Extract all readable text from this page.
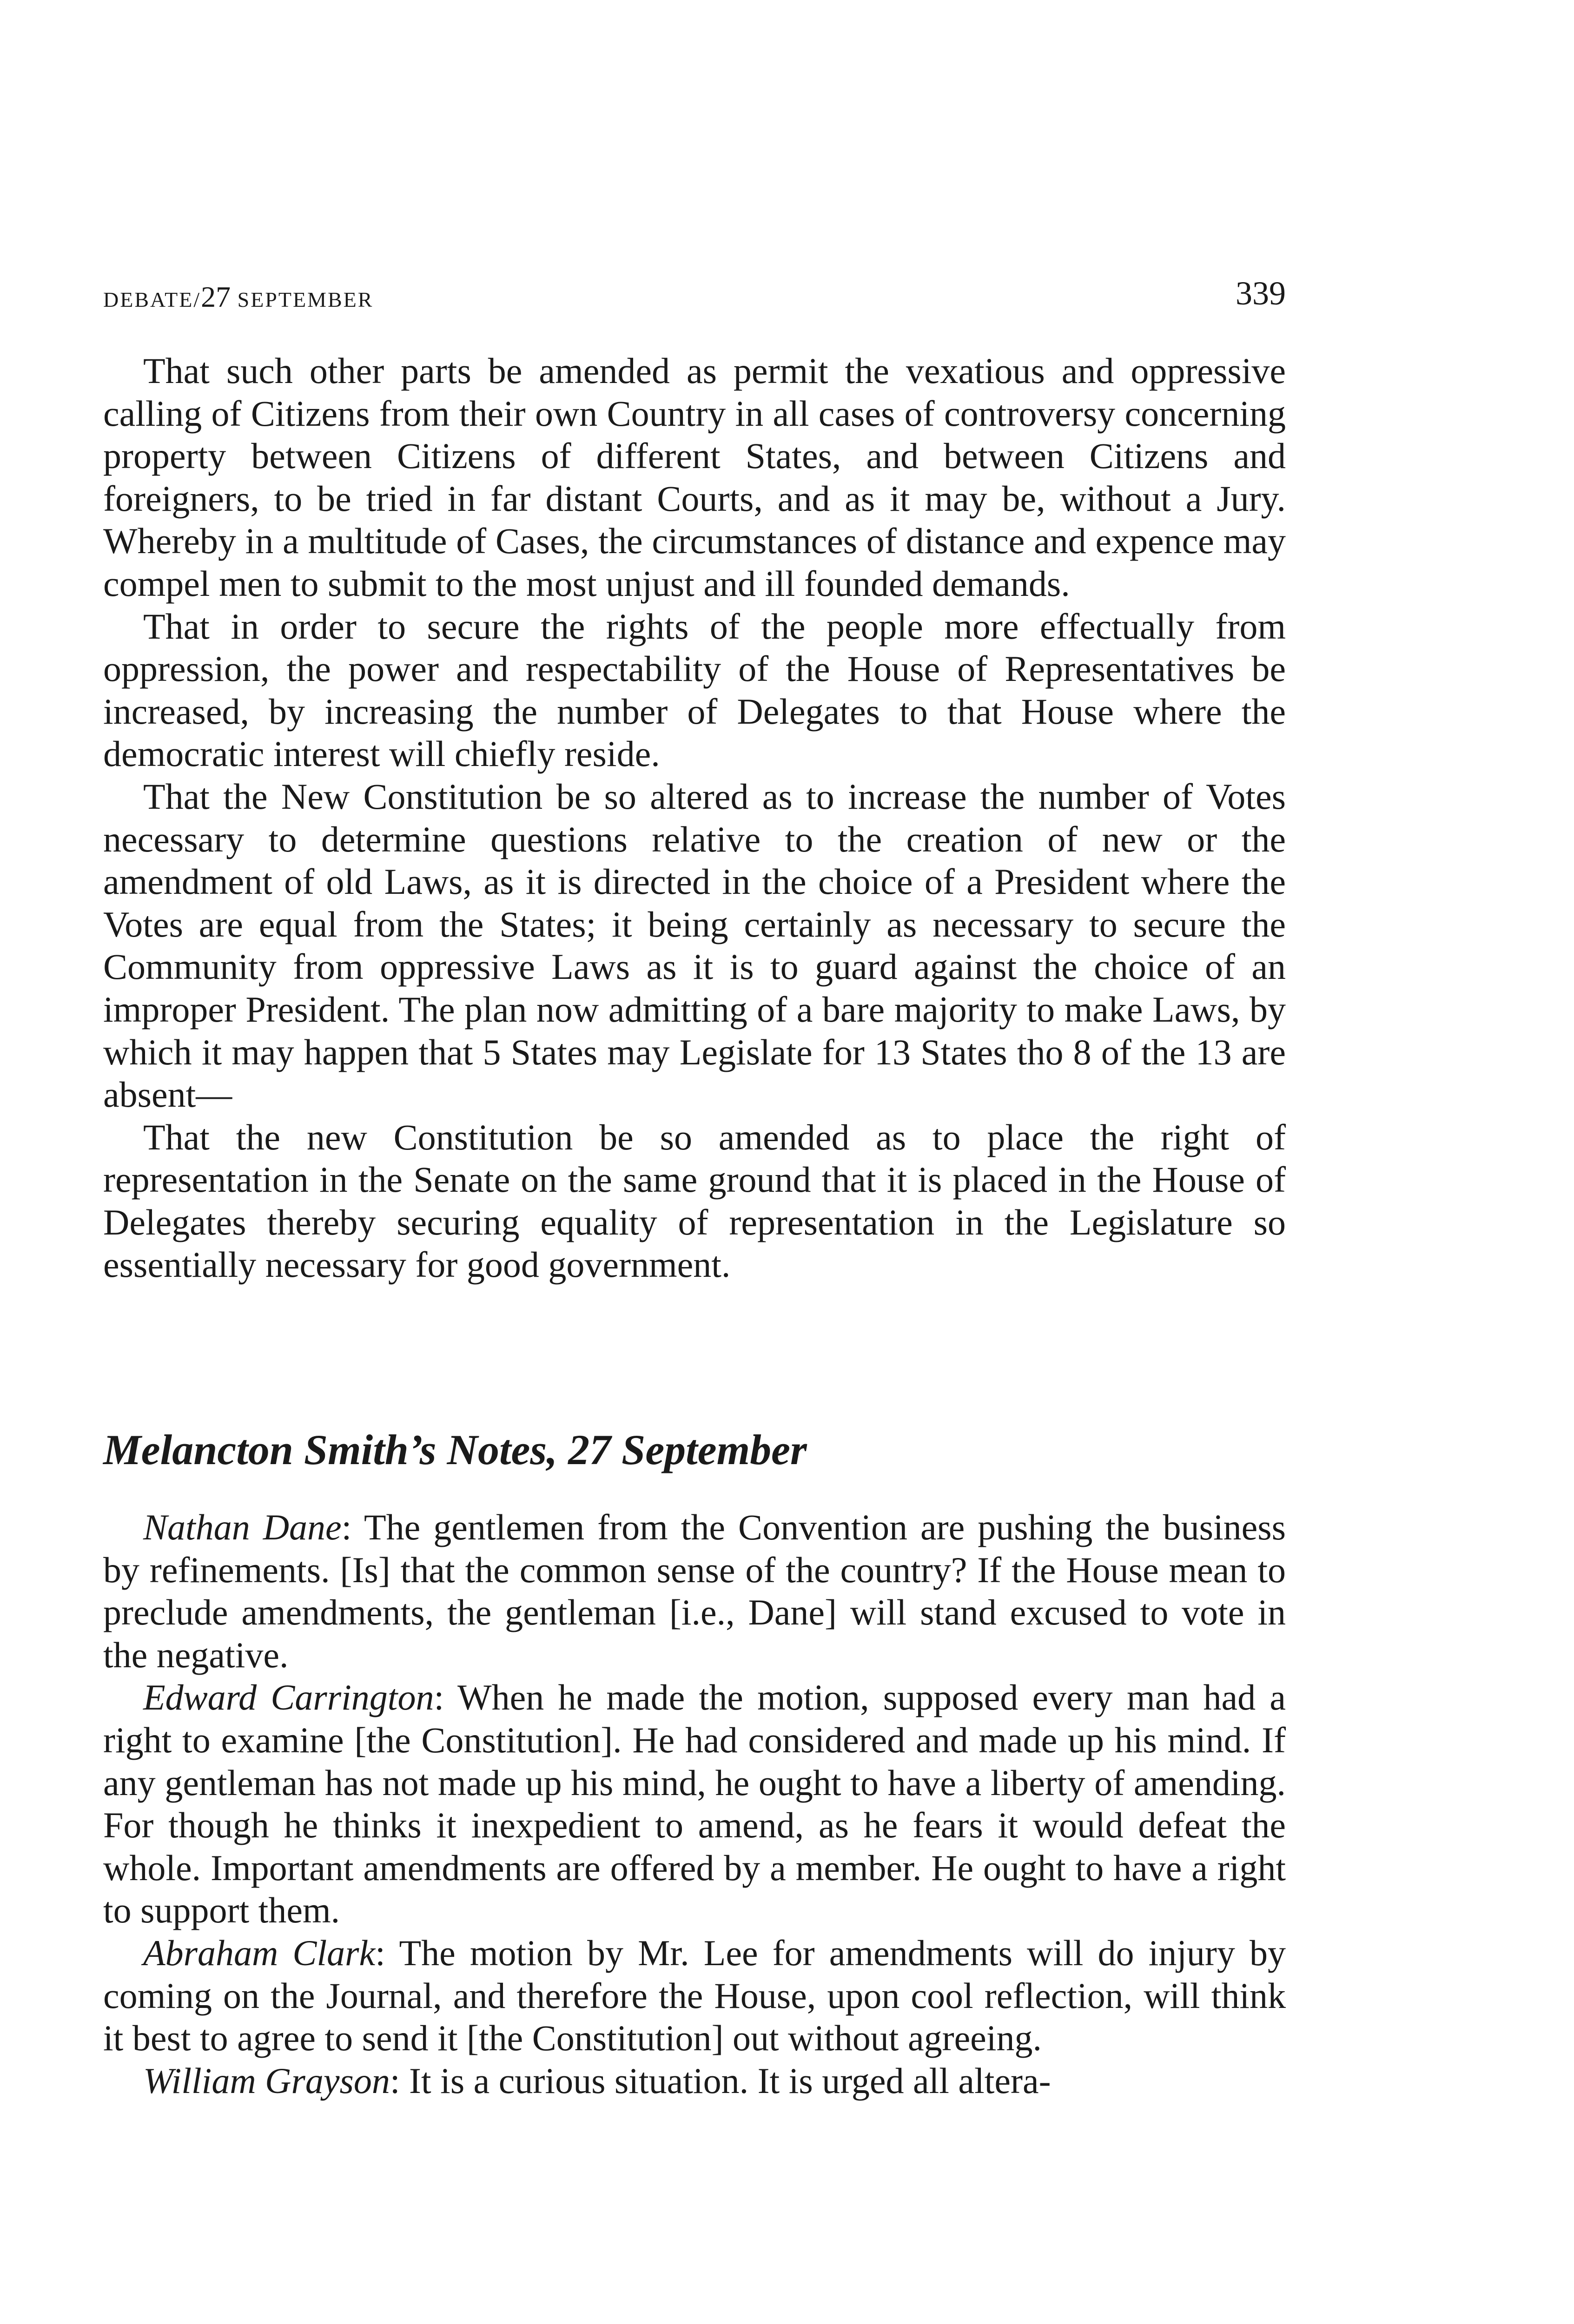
DEBATE/27 SEPTEMBER	339

That such other parts be amended as permit the vexatious and oppressive calling of Citizens from their own Country in all cases of controversy concerning property between Citizens of different States, and between Citizens and foreigners, to be tried in far distant Courts, and as it may be, without a Jury. Whereby in a multitude of Cases, the circumstances of distance and expence may compel men to submit to the most unjust and ill founded demands.

That in order to secure the rights of the people more effectually from oppression, the power and respectability of the House of Representatives be increased, by increasing the number of Delegates to that House where the democratic interest will chiefly reside.

That the New Constitution be so altered as to increase the number of Votes necessary to determine questions relative to the creation of new or the amendment of old Laws, as it is directed in the choice of a President where the Votes are equal from the States; it being certainly as necessary to secure the Community from oppressive Laws as it is to guard against the choice of an improper President. The plan now admitting of a bare majority to make Laws, by which it may happen that 5 States may Legislate for 13 States tho 8 of the 13 are absent—

That the new Constitution be so amended as to place the right of representation in the Senate on the same ground that it is placed in the House of Delegates thereby securing equality of representation in the Legislature so essentially necessary for good government.

Melancton Smith’s Notes, 27 September

Nathan Dane: The gentlemen from the Convention are pushing the business by refinements. [Is] that the common sense of the country? If the House mean to preclude amendments, the gentleman [i.e., Dane] will stand excused to vote in the negative.

Edward Carrington: When he made the motion, supposed every man had a right to examine [the Constitution]. He had considered and made up his mind. If any gentleman has not made up his mind, he ought to have a liberty of amending. For though he thinks it inexpedient to amend, as he fears it would defeat the whole. Important amendments are offered by a member. He ought to have a right to support them.

Abraham Clark: The motion by Mr. Lee for amendments will do injury by coming on the Journal, and therefore the House, upon cool reflection, will think it best to agree to send it [the Constitution] out without agreeing.

William Grayson: It is a curious situation. It is urged all altera-
